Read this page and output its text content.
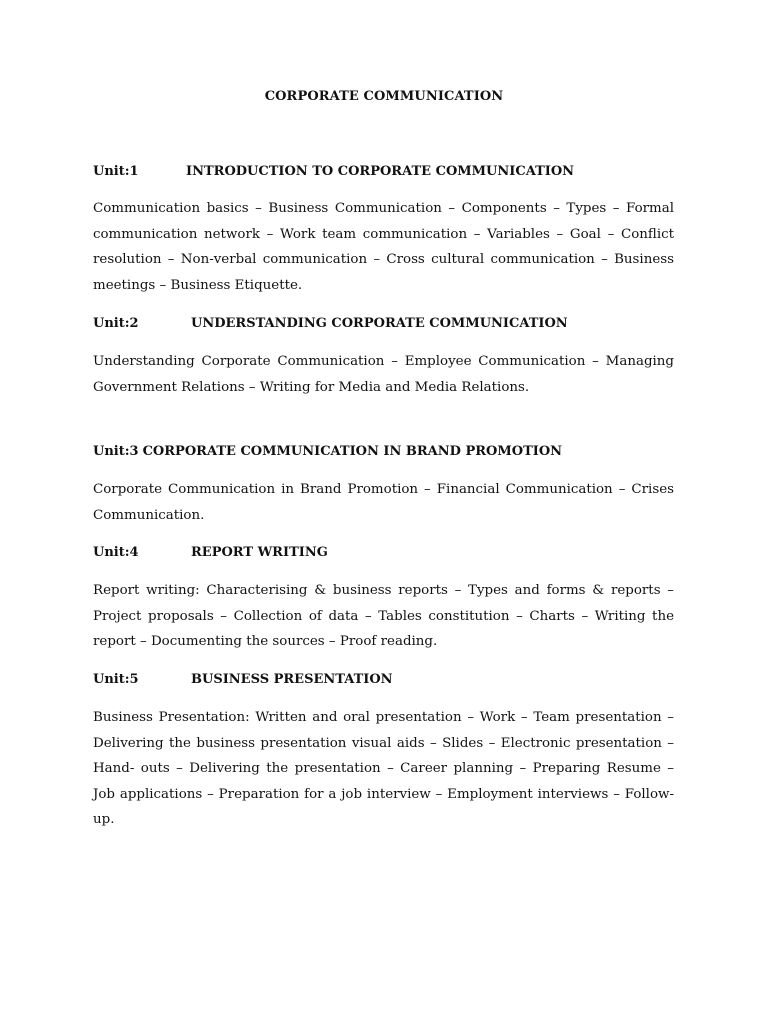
CORPORATE COMMUNICATION
Unit:1	INTRODUCTION TO CORPORATE COMMUNICATION

Communication basics – Business Communication – Components – Types – Formal communication network – Work team communication – Variables – Goal – Conflict resolution – Non-verbal communication – Cross cultural communication – Business meetings – Business Etiquette.

Unit:2	UNDERSTANDING CORPORATE COMMUNICATION

Understanding Corporate Communication – Employee Communication – Managing Government Relations – Writing for Media and Media Relations.

Unit:3 CORPORATE COMMUNICATION IN BRAND PROMOTION

Corporate Communication in Brand Promotion – Financial Communication – Crises Communication.

Unit:4	REPORT WRITING

Report writing: Characterising & business reports – Types and forms & reports – Project proposals – Collection of data – Tables constitution – Charts – Writing the report – Documenting the sources – Proof reading.

Unit:5	BUSINESS PRESENTATION

Business Presentation: Written and oral presentation – Work – Team presentation – Delivering the business presentation visual aids – Slides – Electronic presentation – Hand- outs – Delivering the presentation – Career planning – Preparing Resume – Job applications – Preparation for a job interview – Employment interviews – Follow-up.
